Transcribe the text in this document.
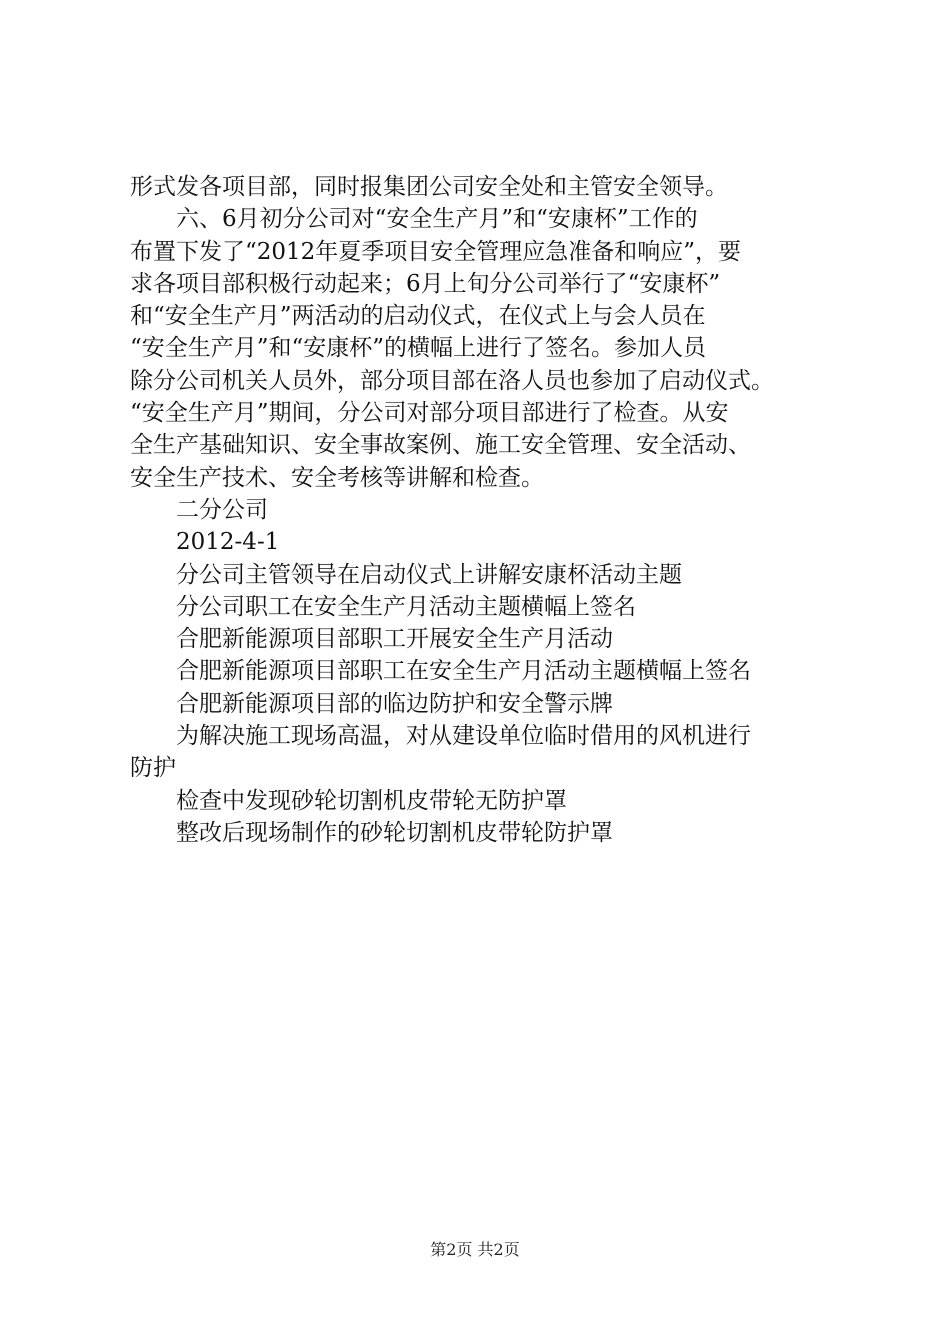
形式发各项目部，同时报集团公司安全处和主管安全领导。
六、6月初分公司对“安全生产月”和“安康杯”工作的
布置下发了“2012年夏季项目安全管理应急准备和响应”，要
求各项目部积极行动起来；6月上旬分公司举行了“安康杯”
和“安全生产月”两活动的启动仪式，在仪式上与会人员在
“安全生产月”和“安康杯”的横幅上进行了签名。参加人员
除分公司机关人员外，部分项目部在洛人员也参加了启动仪式。
“安全生产月”期间，分公司对部分项目部进行了检查。从安
全生产基础知识、安全事故案例、施工安全管理、安全活动、
安全生产技术、安全考核等讲解和检查。
二分公司
2012-4-1
分公司主管领导在启动仪式上讲解安康杯活动主题
分公司职工在安全生产月活动主题横幅上签名
合肥新能源项目部职工开展安全生产月活动
合肥新能源项目部职工在安全生产月活动主题横幅上签名
合肥新能源项目部的临边防护和安全警示牌
为解决施工现场高温，对从建设单位临时借用的风机进行
防护
检查中发现砂轮切割机皮带轮无防护罩
整改后现场制作的砂轮切割机皮带轮防护罩
第2页 共2页
